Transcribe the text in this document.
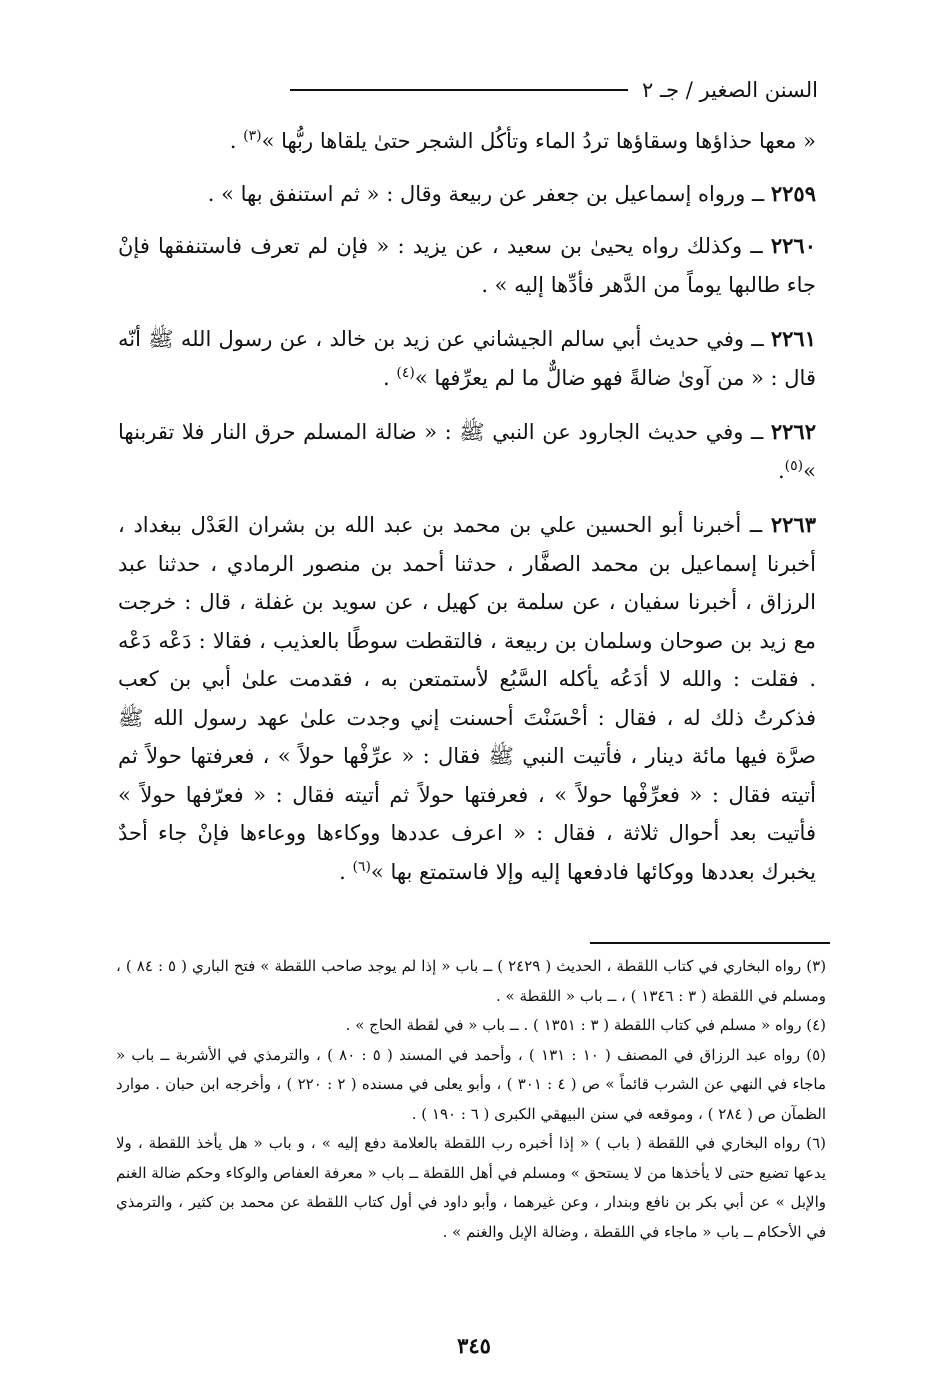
السنن الصغير / جـ ٢

« معها حذاؤها وسقاؤها تردُ الماء وتأكُل الشجر حتىٰ يلقاها ربُّها »$^{(٣)}$ .

٢٢٥٩ ــ ورواه إسماعيل بن جعفر عن ربيعة وقال : « ثم استنفق بها » .

٢٢٦٠ ــ وكذلك رواه يحيىٰ بن سعيد ، عن يزيد : « فإن لم تعرف فاستنفقها فإنْ جاء طالبها يوماً من الدَّهر فأدِّها إليه » .

٢٢٦١ ــ وفي حديث أبي سالم الجيشاني عن زيد بن خالد ، عن رسول الله ﷺ أنّه قال : « من آوىٰ ضالةً فهو ضالٌّ ما لم يعرِّفها »$^{(٤)}$ .

٢٢٦٢ ــ وفي حديث الجارود عن النبي ﷺ : « ضالة المسلم حرق النار فلا تقربنها »$^{(٥)}$.

٢٢٦٣ ــ أخبرنا أبو الحسين علي بن محمد بن عبد الله بن بشران العَدْل ببغداد ، أخبرنا إسماعيل بن محمد الصفَّار ، حدثنا أحمد بن منصور الرمادي ، حدثنا عبد الرزاق ، أخبرنا سفيان ، عن سلمة بن كهيل ، عن سويد بن غفلة ، قال : خرجت مع زيد بن صوحان وسلمان بن ربيعة ، فالتقطت سوطًا بالعذيب ، فقالا : دَعْه دَعْه . فقلت : والله لا أدَعُه يأكله السَّبُع لأستمتعن به ، فقدمت علىٰ أبي بن كعب فذكرتُ ذلك له ، فقال : أحْسَنْتَ أحسنت إني وجدت علىٰ عهد رسول الله ﷺ صرَّة فيها مائة دينار ، فأتيت النبي ﷺ فقال : « عرِّفْها حولاً » ، فعرفتها حولاً ثم أتيته فقال : « فعرِّفْها حولاً » ، فعرفتها حولاً ثم أتيته فقال : « فعرّفها حولاً » فأتيت بعد أحوال ثلاثة ، فقال : « اعرف عددها ووكاءها ووعاءها فإنْ جاء أحدٌ يخبرك بعددها ووكائها فادفعها إليه وإلا فاستمتع بها »$^{(٦)}$ .

(٣) رواه البخاري في كتاب اللقطة ، الحديث ( ٢٤٢٩ ) ــ باب « إذا لم يوجد صاحب اللقطة » فتح الباري ( ٥ : ٨٤ ) ، ومسلم في اللقطة ( ٣ : ١٣٤٦ ) ، ــ باب « اللقطة » .

(٤) رواه « مسلم في كتاب اللقطة ( ٣ : ١٣٥١ ) . ــ باب « في لقطة الحاج » .

(٥) رواه عبد الرزاق في المصنف ( ١٠ : ١٣١ ) ، وأحمد في المسند ( ٥ : ٨٠ ) ، والترمذي في الأشربة ــ باب « ماجاء في النهي عن الشرب قائماً » ص ( ٤ : ٣٠١ ) ، وأبو يعلى في مسنده ( ٢ : ٢٢٠ ) ، وأخرجه ابن حبان . موارد الظمآن ص ( ٢٨٤ ) ، وموقعه في سنن البيهقي الكبرى ( ٦ : ١٩٠ ) .

(٦) رواه البخاري في اللقطة ( باب ) « إذا أخبره رب اللقطة بالعلامة دفع إليه » ، و باب « هل يأخذ اللقطة ، ولا يدعها تضيع حتى لا يأخذها من لا يستحق » ومسلم في أهل اللقطة ــ باب « معرفة العفاص والوكاء وحكم ضالة الغنم والإبل » عن أبي بكر بن نافع وبندار ، وعن غيرهما ، وأبو داود في أول كتاب اللقطة عن محمد بن كثير ، والترمذي في الأحكام ــ باب « ماجاء في اللقطة ، وضالة الإبل والغنم » .

٣٤٥
